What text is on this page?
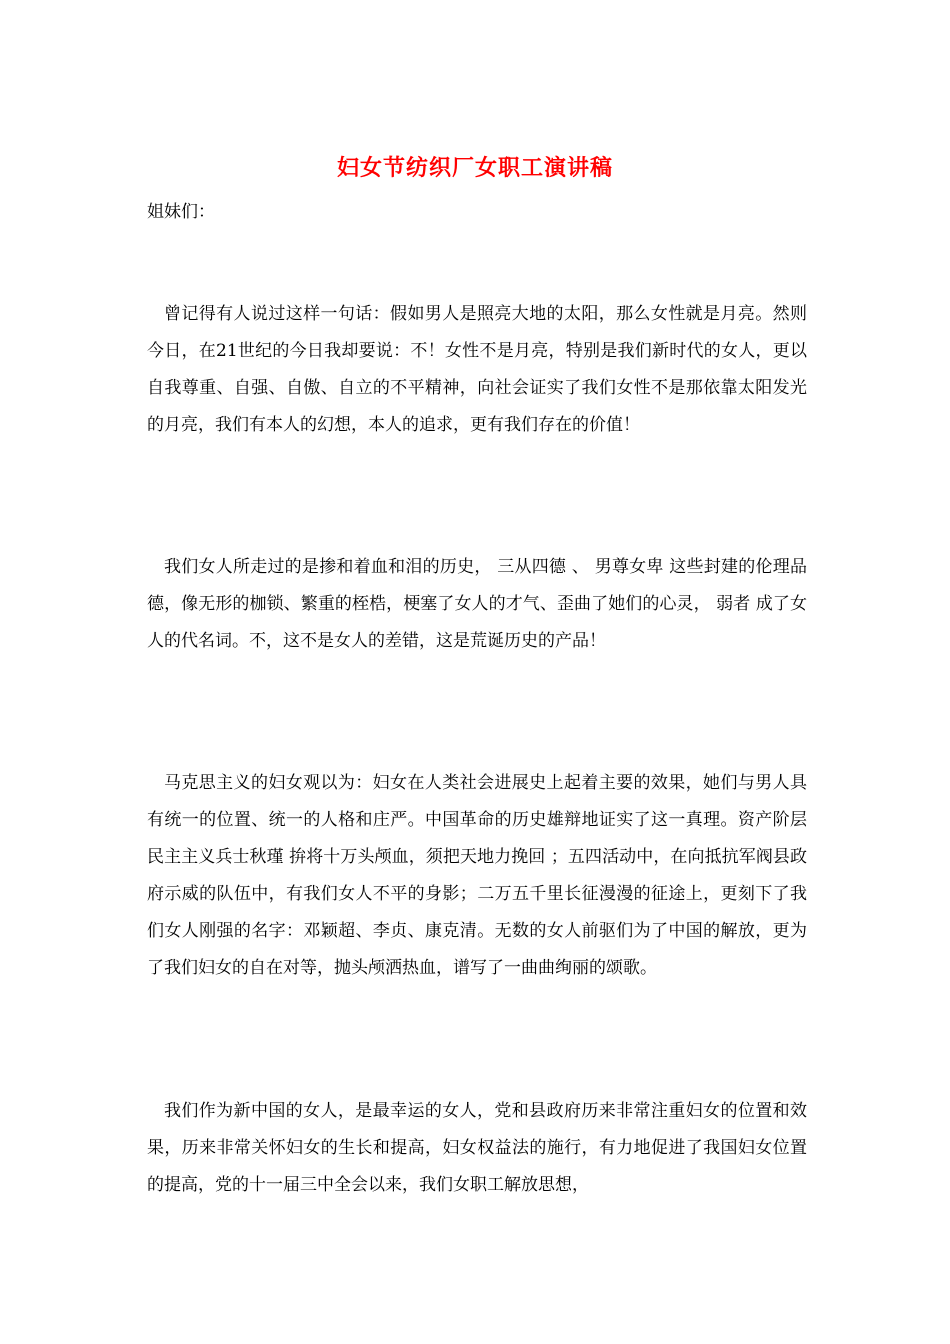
妇女节纺织厂女职工演讲稿
姐妹们：

曾记得有人说过这样一句话：假如男人是照亮大地的太阳，那么女性就是月亮。然则今日，在21世纪的今日我却要说：不！女性不是月亮，特别是我们新时代的女人，更以自我尊重、自强、自傲、自立的不平精神，向社会证实了我们女性不是那依靠太阳发光的月亮，我们有本人的幻想，本人的追求，更有我们存在的价值！

我们女人所走过的是掺和着血和泪的历史， 三从四德 、 男尊女卑 这些封建的伦理品德，像无形的枷锁、繁重的桎梏，梗塞了女人的才气、歪曲了她们的心灵， 弱者 成了女人的代名词。不，这不是女人的差错，这是荒诞历史的产品！

马克思主义的妇女观以为：妇女在人类社会进展史上起着主要的效果，她们与男人具有统一的位置、统一的人格和庄严。中国革命的历史雄辩地证实了这一真理。资产阶层民主主义兵士秋瑾 拚将十万头颅血，须把天地力挽回 ；五四活动中，在向抵抗军阀县政府示威的队伍中，有我们女人不平的身影；二万五千里长征漫漫的征途上，更刻下了我们女人刚强的名字：邓颖超、李贞、康克清。无数的女人前驱们为了中国的解放，更为了我们妇女的自在对等，抛头颅洒热血，谱写了一曲曲绚丽的颂歌。

我们作为新中国的女人，是最幸运的女人，党和县政府历来非常注重妇女的位置和效果，历来非常关怀妇女的生长和提高，妇女权益法的施行，有力地促进了我国妇女位置的提高，党的十一届三中全会以来，我们女职工解放思想，
